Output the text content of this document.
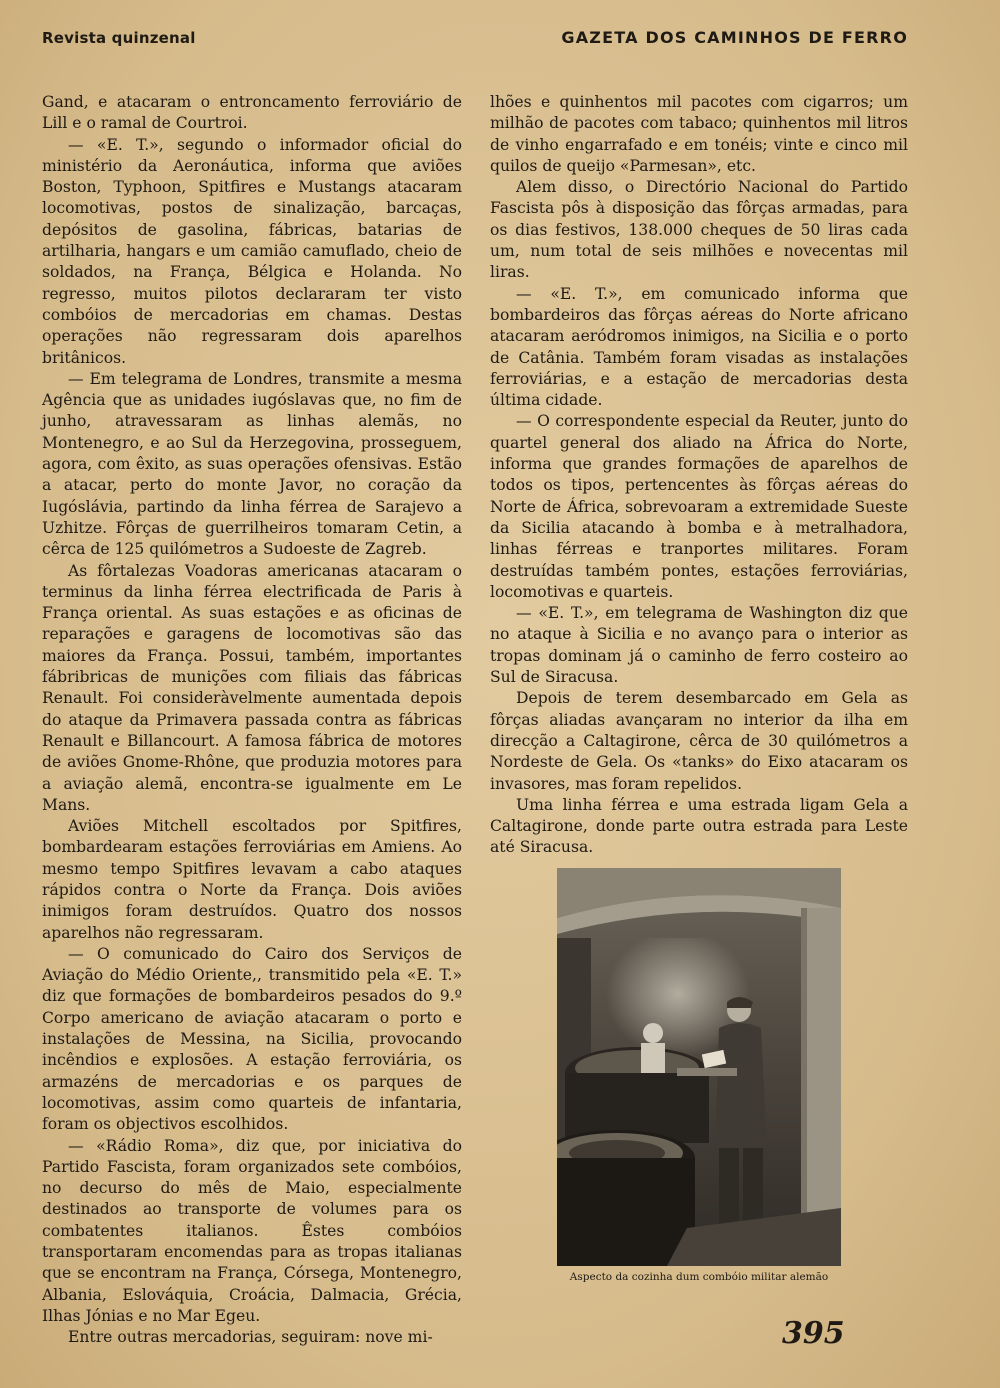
Revista quinzenal	GAZETA DOS CAMINHOS DE FERRO

Gand, e atacaram o entroncamento ferroviário de Lill e o ramal de Courtroi.

— «E. T.», segundo o informador oficial do ministério da Aeronáutica, informa que aviões Boston, Typhoon, Spitfires e Mustangs atacaram locomotivas, postos de sinalização, barcaças, depósitos de gasolina, fábricas, batarias de artilharia, hangars e um camião camuflado, cheio de soldados, na França, Bélgica e Holanda. No regresso, muitos pilotos declararam ter visto combóios de mercadorias em chamas. Destas operações não regressaram dois aparelhos britânicos.

— Em telegrama de Londres, transmite a mesma Agência que as unidades iugóslavas que, no fim de junho, atravessaram as linhas alemãs, no Montenegro, e ao Sul da Herzegovina, prosseguem, agora, com êxito, as suas operações ofensivas. Estão a atacar, perto do monte Javor, no coração da Iugóslávia, partindo da linha férrea de Sarajevo a Uzhitze. Fôrças de guerrilheiros tomaram Cetin, a cêrca de 125 quilómetros a Sudoeste de Zagreb.

As fôrtalezas Voadoras americanas atacaram o terminus da linha férrea electrificada de Paris à França oriental. As suas estações e as oficinas de reparações e garagens de locomotivas são das maiores da França. Possui, também, importantes fábribricas de munições com filiais das fábricas Renault. Foi consideràvelmente aumentada depois do ataque da Primavera passada contra as fábricas Renault e Billancourt. A famosa fábrica de motores de aviões Gnome-Rhône, que produzia motores para a aviação alemã, encontra-se igualmente em Le Mans.

Aviões Mitchell escoltados por Spitfires, bombardearam estações ferroviárias em Amiens. Ao mesmo tempo Spitfires levavam a cabo ataques rápidos contra o Norte da França. Dois aviões inimigos foram destruídos. Quatro dos nossos aparelhos não regressaram.

— O comunicado do Cairo dos Serviços de Aviação do Médio Oriente,, transmitido pela «E. T.» diz que formações de bombardeiros pesados do 9.º Corpo americano de aviação atacaram o porto e instalações de Messina, na Sicilia, provocando incêndios e explosões. A estação ferroviária, os armazéns de mercadorias e os parques de locomotivas, assim como quarteis de infantaria, foram os objectivos escolhidos.

— «Rádio Roma», diz que, por iniciativa do Partido Fascista, foram organizados sete combóios, no decurso do mês de Maio, especialmente destinados ao transporte de volumes para os combatentes italianos. Êstes combóios transportaram encomendas para as tropas italianas que se encontram na França, Córsega, Montenegro, Albania, Eslováquia, Croácia, Dalmacia, Grécia, Ilhas Jónias e no Mar Egeu.

Entre outras mercadorias, seguiram: nove mi-

lhões e quinhentos mil pacotes com cigarros; um milhão de pacotes com tabaco; quinhentos mil litros de vinho engarrafado e em tonéis; vinte e cinco mil quilos de queijo «Parmesan», etc.

Alem disso, o Directório Nacional do Partido Fascista pôs à disposição das fôrças armadas, para os dias festivos, 138.000 cheques de 50 liras cada um, num total de seis milhões e novecentas mil liras.

— «E. T.», em comunicado informa que bombardeiros das fôrças aéreas do Norte africano atacaram aeródromos inimigos, na Sicilia e o porto de Catânia. Também foram visadas as instalações ferroviárias, e a estação de mercadorias desta última cidade.

— O correspondente especial da Reuter, junto do quartel general dos aliado na África do Norte, informa que grandes formações de aparelhos de todos os tipos, pertencentes às fôrças aéreas do Norte de África, sobrevoaram a extremidade Sueste da Sicilia atacando à bomba e à metralhadora, linhas férreas e tranportes militares. Foram destruídas também pontes, estações ferroviárias, locomotivas e quarteis.

— «E. T.», em telegrama de Washington diz que no ataque à Sicilia e no avanço para o interior as tropas dominam já o caminho de ferro costeiro ao Sul de Siracusa.

Depois de terem desembarcado em Gela as fôrças aliadas avançaram no interior da ilha em direcção a Caltagirone, cêrca de 30 quilómetros a Nordeste de Gela. Os «tanks» do Eixo atacaram os invasores, mas foram repelidos.

Uma linha férrea e uma estrada ligam Gela a Caltagirone, donde parte outra estrada para Leste até Siracusa.

Aspecto da cozinha dum combóio militar alemão
395
